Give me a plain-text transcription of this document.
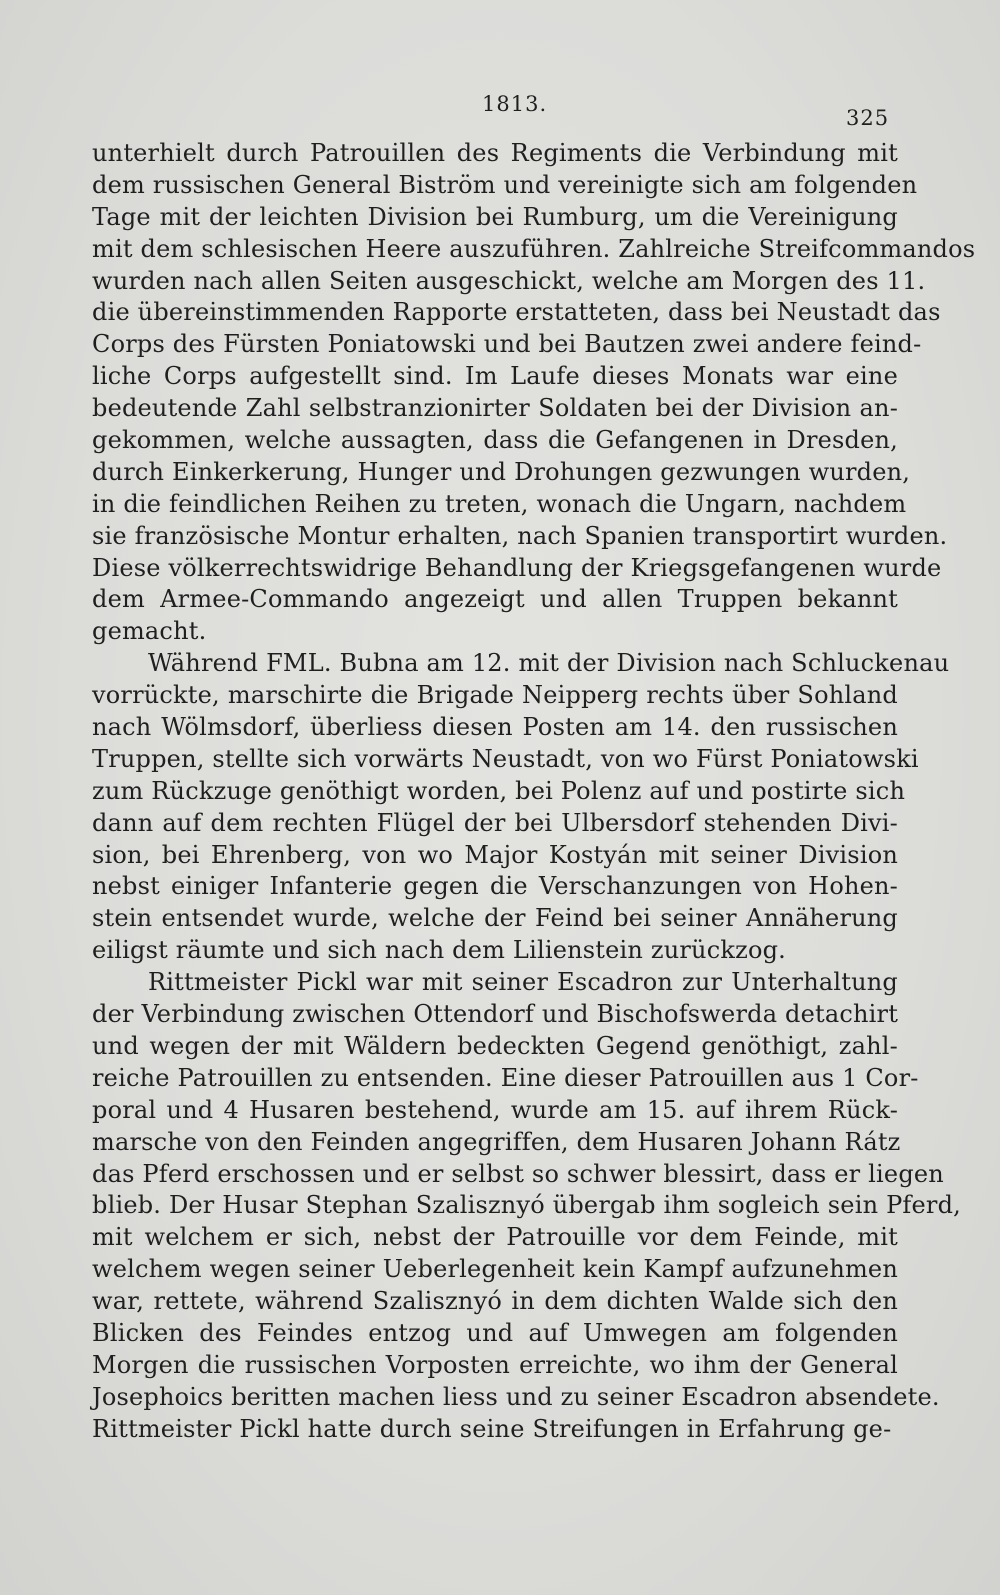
1813.
325
unterhielt durch Patrouillen des Regiments die Verbindung mit
dem russischen General Biström und vereinigte sich am folgenden
Tage mit der leichten Division bei Rumburg, um die Vereinigung
mit dem schlesischen Heere auszuführen. Zahlreiche Streifcommandos
wurden nach allen Seiten ausgeschickt, welche am Morgen des 11.
die übereinstimmenden Rapporte erstatteten, dass bei Neustadt das
Corps des Fürsten Poniatowski und bei Bautzen zwei andere feind-
liche Corps aufgestellt sind. Im Laufe dieses Monats war eine
bedeutende Zahl selbstranzionirter Soldaten bei der Division an-
gekommen, welche aussagten, dass die Gefangenen in Dresden,
durch Einkerkerung, Hunger und Drohungen gezwungen wurden,
in die feindlichen Reihen zu treten, wonach die Ungarn, nachdem
sie französische Montur erhalten, nach Spanien transportirt wurden.
Diese völkerrechtswidrige Behandlung der Kriegsgefangenen wurde
dem Armee-Commando angezeigt und allen Truppen bekannt
gemacht.
Während FML. Bubna am 12. mit der Division nach Schluckenau
vorrückte, marschirte die Brigade Neipperg rechts über Sohland
nach Wölmsdorf, überliess diesen Posten am 14. den russischen
Truppen, stellte sich vorwärts Neustadt, von wo Fürst Poniatowski
zum Rückzuge genöthigt worden, bei Polenz auf und postirte sich
dann auf dem rechten Flügel der bei Ulbersdorf stehenden Divi-
sion, bei Ehrenberg, von wo Major Kostyán mit seiner Division
nebst einiger Infanterie gegen die Verschanzungen von Hohen-
stein entsendet wurde, welche der Feind bei seiner Annäherung
eiligst räumte und sich nach dem Lilienstein zurückzog.
Rittmeister Pickl war mit seiner Escadron zur Unterhaltung
der Verbindung zwischen Ottendorf und Bischofswerda detachirt
und wegen der mit Wäldern bedeckten Gegend genöthigt, zahl-
reiche Patrouillen zu entsenden. Eine dieser Patrouillen aus 1 Cor-
poral und 4 Husaren bestehend, wurde am 15. auf ihrem Rück-
marsche von den Feinden angegriffen, dem Husaren Johann Rátz
das Pferd erschossen und er selbst so schwer blessirt, dass er liegen
blieb. Der Husar Stephan Szalisznyó übergab ihm sogleich sein Pferd,
mit welchem er sich, nebst der Patrouille vor dem Feinde, mit
welchem wegen seiner Ueberlegenheit kein Kampf aufzunehmen
war, rettete, während Szalisznyó in dem dichten Walde sich den
Blicken des Feindes entzog und auf Umwegen am folgenden
Morgen die russischen Vorposten erreichte, wo ihm der General
Josephoics beritten machen liess und zu seiner Escadron absendete.
Rittmeister Pickl hatte durch seine Streifungen in Erfahrung ge-
